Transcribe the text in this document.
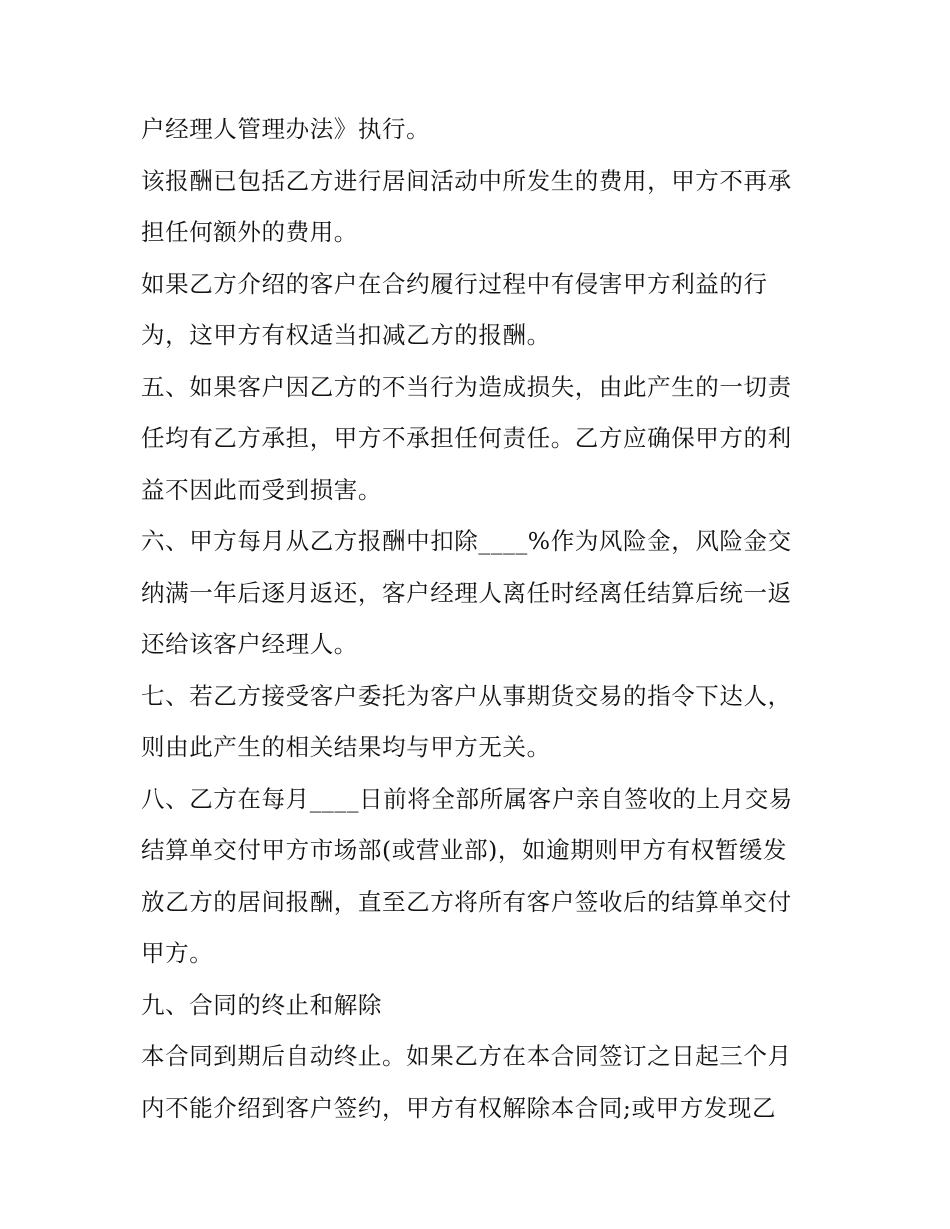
户经理人管理办法》执行。
该报酬已包括乙方进行居间活动中所发生的费用，甲方不再承
担任何额外的费用。
如果乙方介绍的客户在合约履行过程中有侵害甲方利益的行
为，这甲方有权适当扣减乙方的报酬。
五、如果客户因乙方的不当行为造成损失，由此产生的一切责
任均有乙方承担，甲方不承担任何责任。乙方应确保甲方的利
益不因此而受到损害。
六、甲方每月从乙方报酬中扣除____%作为风险金，风险金交
纳满一年后逐月返还，客户经理人离任时经离任结算后统一返
还给该客户经理人。
七、若乙方接受客户委托为客户从事期货交易的指令下达人，
则由此产生的相关结果均与甲方无关。
八、乙方在每月____日前将全部所属客户亲自签收的上月交易
结算单交付甲方市场部(或营业部)，如逾期则甲方有权暂缓发
放乙方的居间报酬，直至乙方将所有客户签收后的结算单交付
甲方。
九、合同的终止和解除
本合同到期后自动终止。如果乙方在本合同签订之日起三个月
内不能介绍到客户签约，甲方有权解除本合同;或甲方发现乙
